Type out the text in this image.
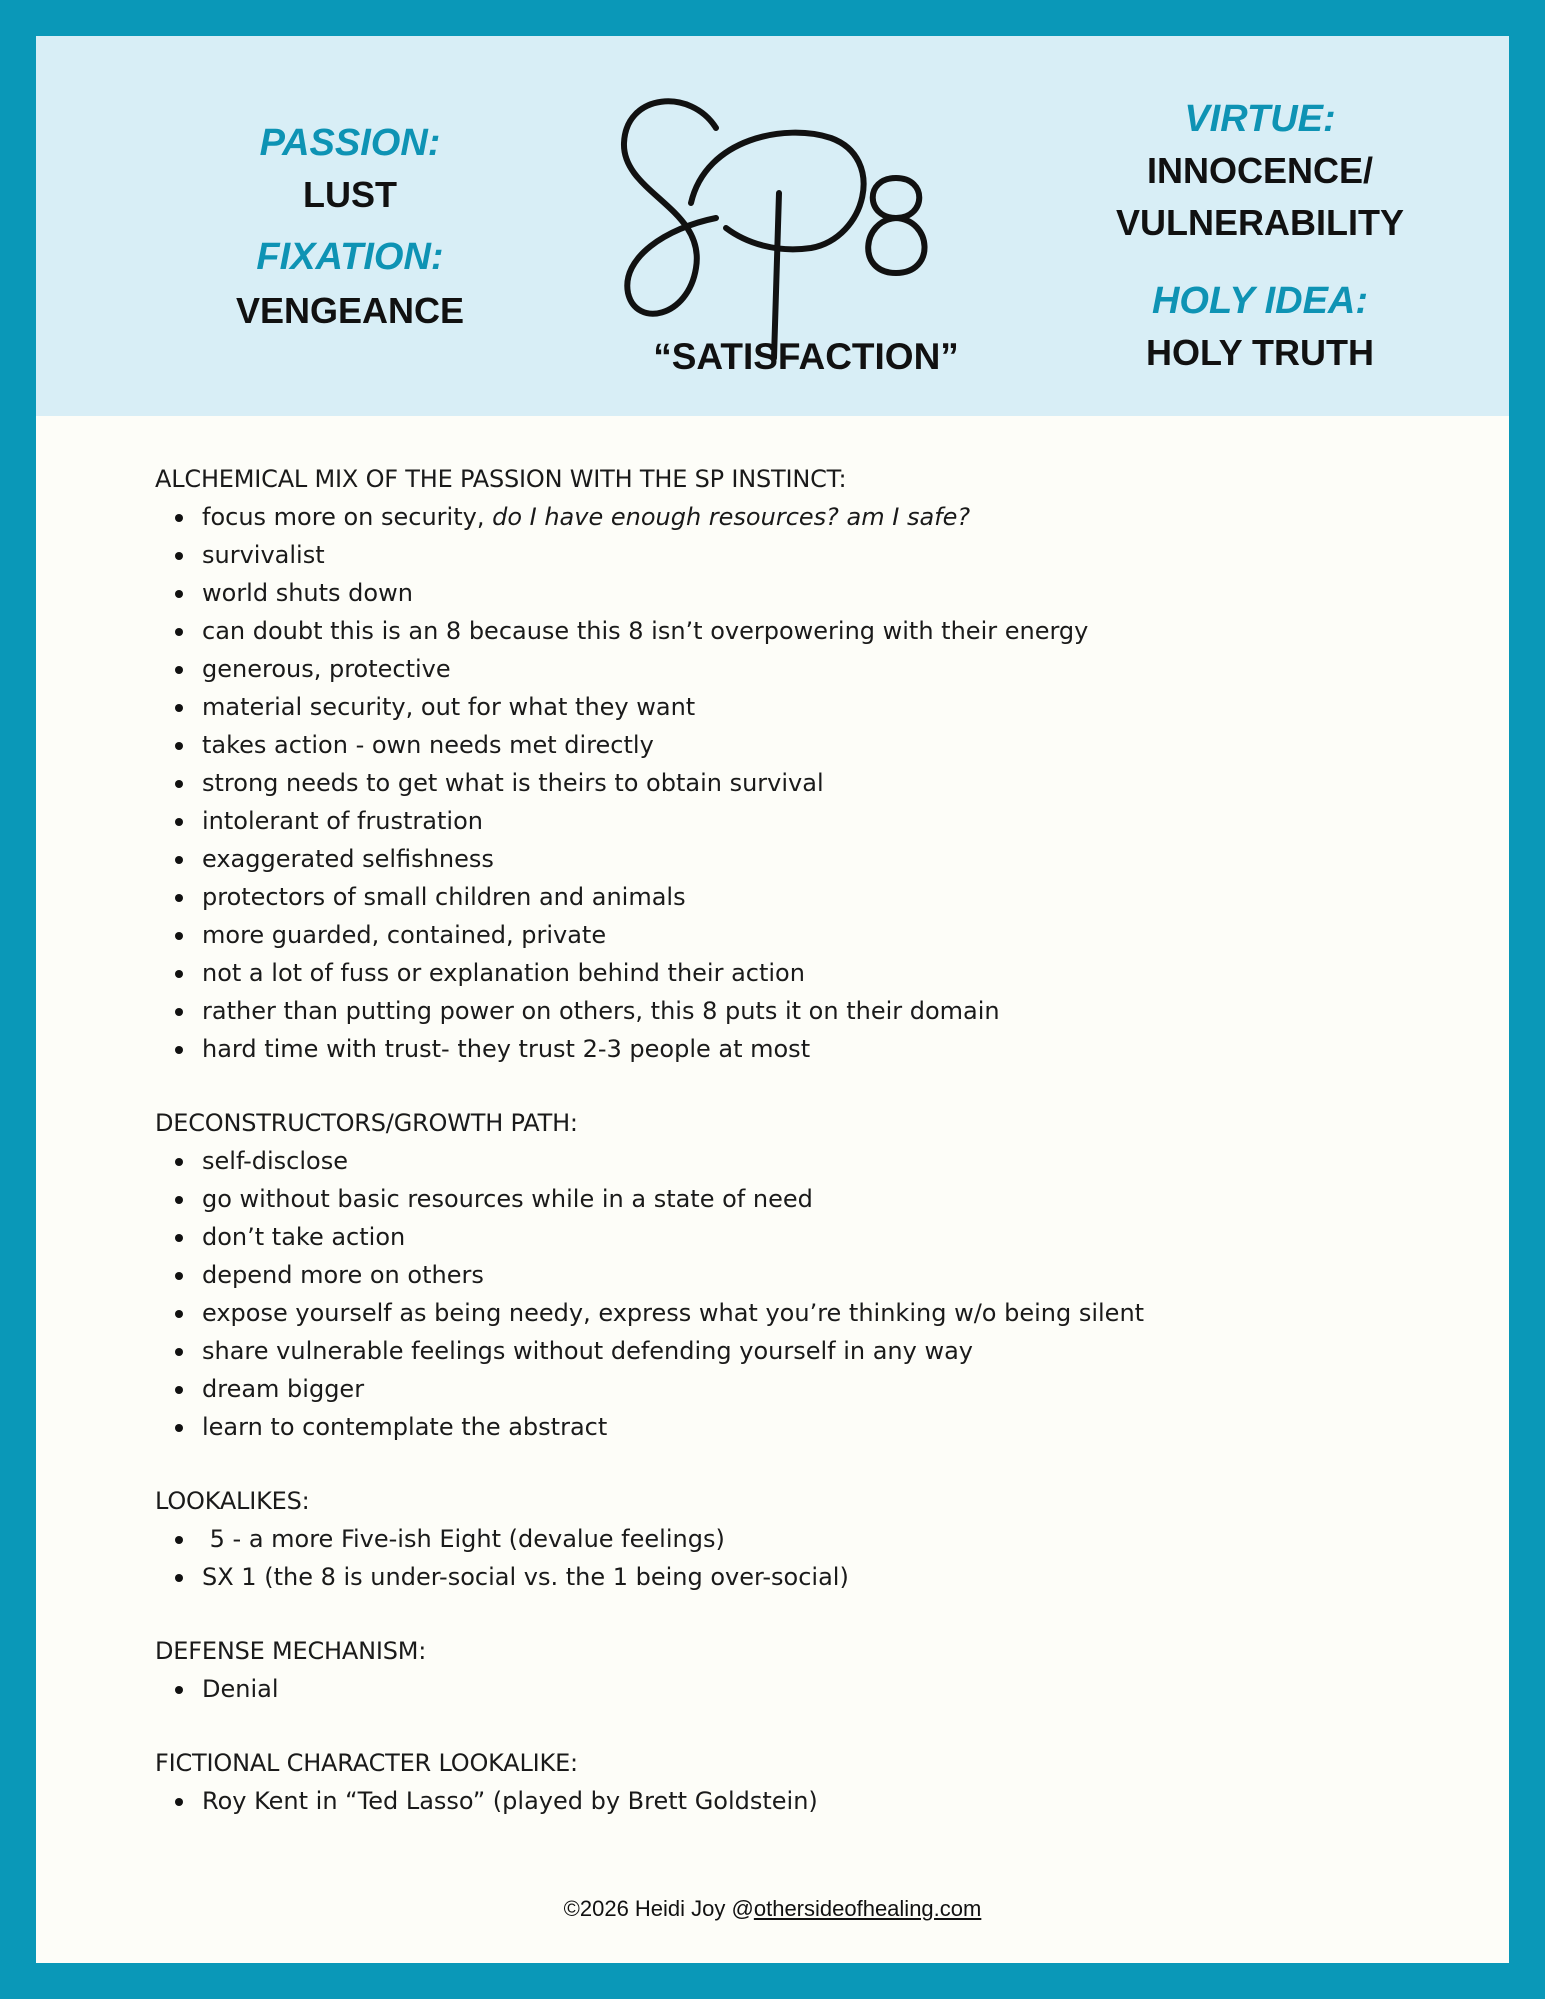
PASSION:
LUST
FIXATION:
VENGEANCE
“SATISFACTION”
VIRTUE:
INNOCENCE/
VULNERABILITY
HOLY IDEA:
HOLY TRUTH
ALCHEMICAL MIX OF THE PASSION WITH THE SP INSTINCT:
focus more on security, do I have enough resources? am I safe?
survivalist
world shuts down
can doubt this is an 8 because this 8 isn’t overpowering with their energy
generous, protective
material security, out for what they want
takes action - own needs met directly
strong needs to get what is theirs to obtain survival
intolerant of frustration
exaggerated selfishness
protectors of small children and animals
more guarded, contained, private
not a lot of fuss or explanation behind their action
rather than putting power on others, this 8 puts it on their domain
hard time with trust- they trust 2-3 people at most
DECONSTRUCTORS/GROWTH PATH:
self-disclose
go without basic resources while in a state of need
don’t take action
depend more on others
expose yourself as being needy, express what you’re thinking w/o being silent
share vulnerable feelings without defending yourself in any way
dream bigger
learn to contemplate the abstract
LOOKALIKES:
5 - a more Five-ish Eight (devalue feelings)
SX 1 (the 8 is under-social vs. the 1 being over-social)
DEFENSE MECHANISM:
Denial
FICTIONAL CHARACTER LOOKALIKE:
Roy Kent in “Ted Lasso” (played by Brett Goldstein)
©2026 Heidi Joy @othersideofhealing.com
